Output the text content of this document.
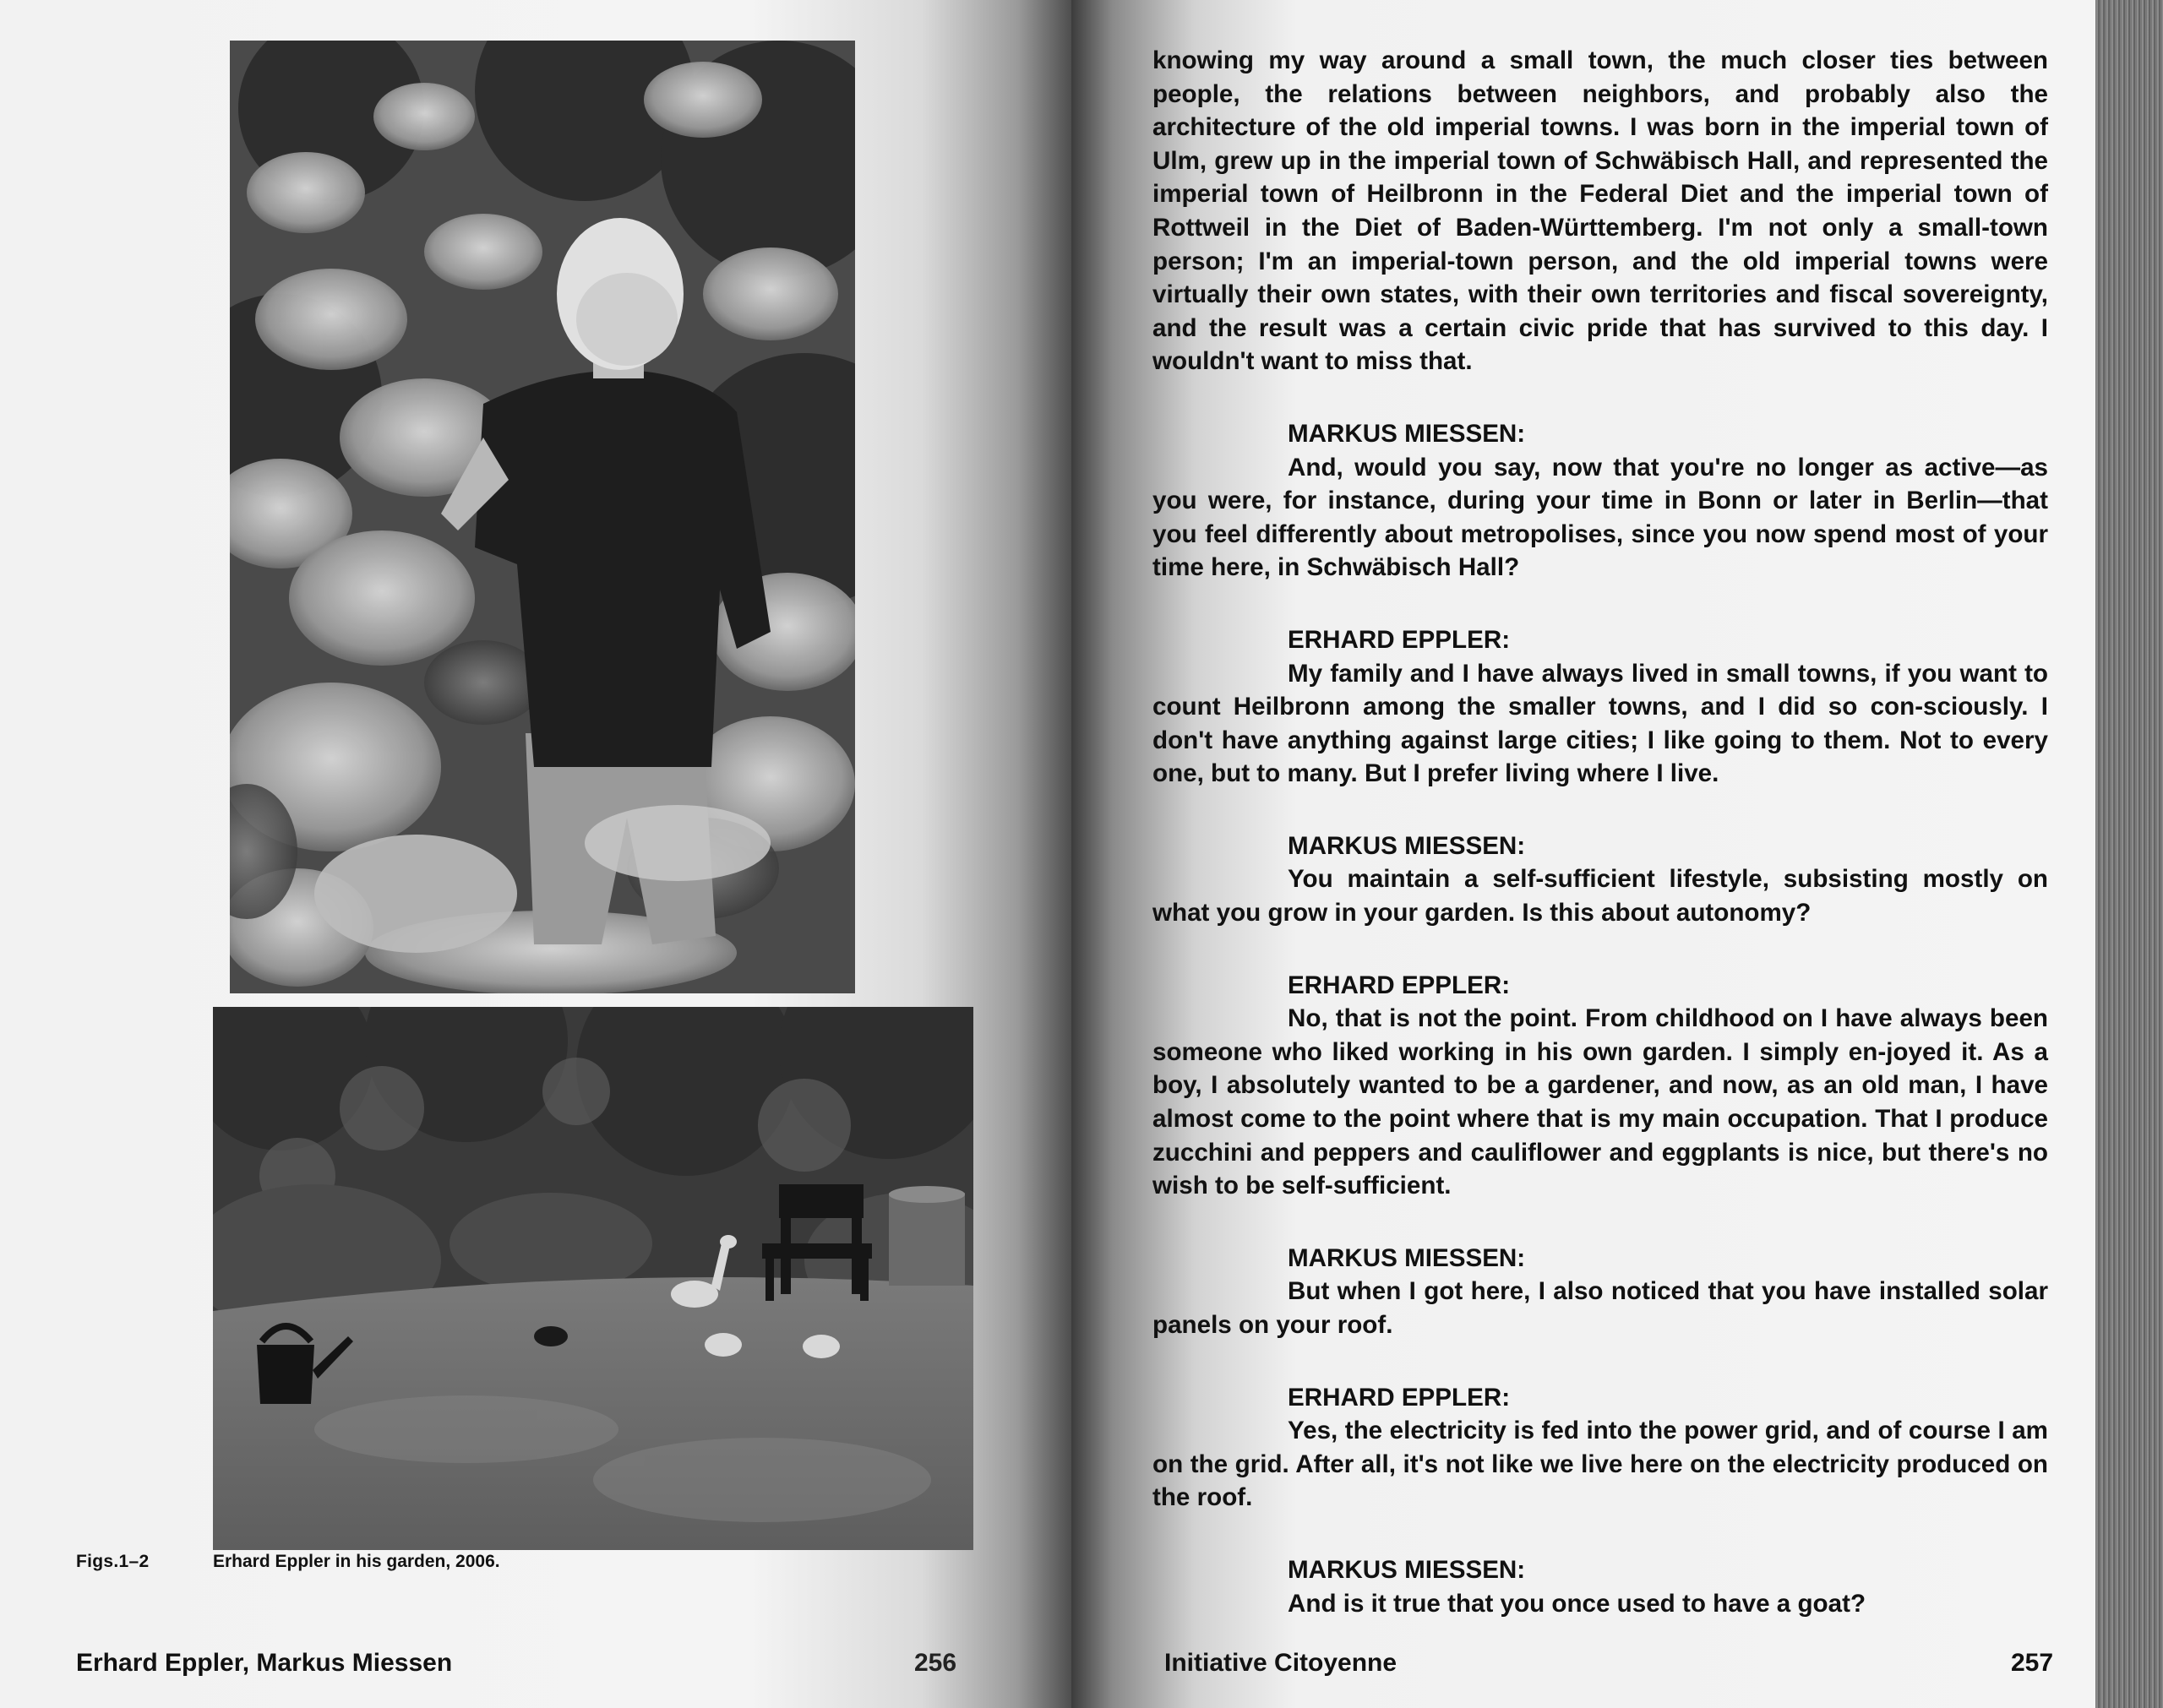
Figs.1–2	Erhard Eppler in his garden, 2006.
Erhard Eppler, Markus Miessen	256	Initiative Citoyenne	257

knowing my way around a small town, the much closer ties between people, the relations between neighbors, and probably also the architecture of the old imperial towns. I was born in the imperial town of Ulm, grew up in the imperial town of Schwäbisch Hall, and represented the imperial town of Heilbronn in the Federal Diet and the imperial town of Rottweil in the Diet of Baden-Württemberg. I'm not only a small-town person; I'm an imperial-town person, and the old imperial towns were virtually their own states, with their own territories and fiscal sovereignty, and the result was a certain civic pride that has survived to this day. I wouldn't want to miss that.

MARKUS MIESSEN:

And, would you say, now that you're no longer as active—as you were, for instance, during your time in Bonn or later in Berlin—that you feel differently about metropolises, since you now spend most of your time here, in Schwäbisch Hall?

ERHARD EPPLER:

My family and I have always lived in small towns, if you want to count Heilbronn among the smaller towns, and I did so con-sciously. I don't have anything against large cities; I like going to them. Not to every one, but to many. But I prefer living where I live.

MARKUS MIESSEN:

You maintain a self-sufficient lifestyle, subsisting mostly on what you grow in your garden. Is this about autonomy?

ERHARD EPPLER:

No, that is not the point. From childhood on I have always been someone who liked working in his own garden. I simply en-joyed it. As a boy, I absolutely wanted to be a gardener, and now, as an old man, I have almost come to the point where that is my main occupation. That I produce zucchini and peppers and cauliflower and eggplants is nice, but there's no wish to be self-sufficient.

MARKUS MIESSEN:

But when I got here, I also noticed that you have installed solar panels on your roof.

ERHARD EPPLER:

Yes, the electricity is fed into the power grid, and of course I am on the grid. After all, it's not like we live here on the electricity produced on the roof.

MARKUS MIESSEN:

And is it true that you once used to have a goat?
